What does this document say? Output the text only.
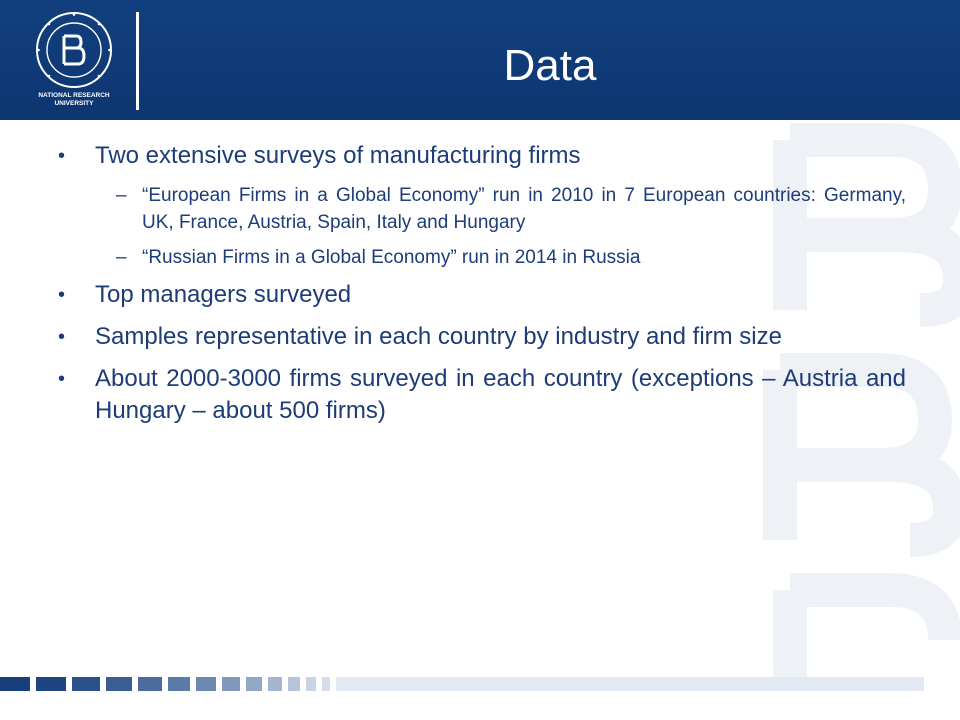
NATIONAL RESEARCH
UNIVERSITY
Data
• Two extensive surveys of manufacturing firms
– “European Firms in a Global Economy” run in 2010 in 7 European countries: Germany, UK, France, Austria, Spain, Italy and Hungary
– “Russian Firms in a Global Economy” run in 2014 in Russia
• Top managers surveyed
• Samples representative in each country by industry and firm size
• About 2000-3000 firms surveyed in each country (exceptions – Austria and Hungary – about 500 firms)
